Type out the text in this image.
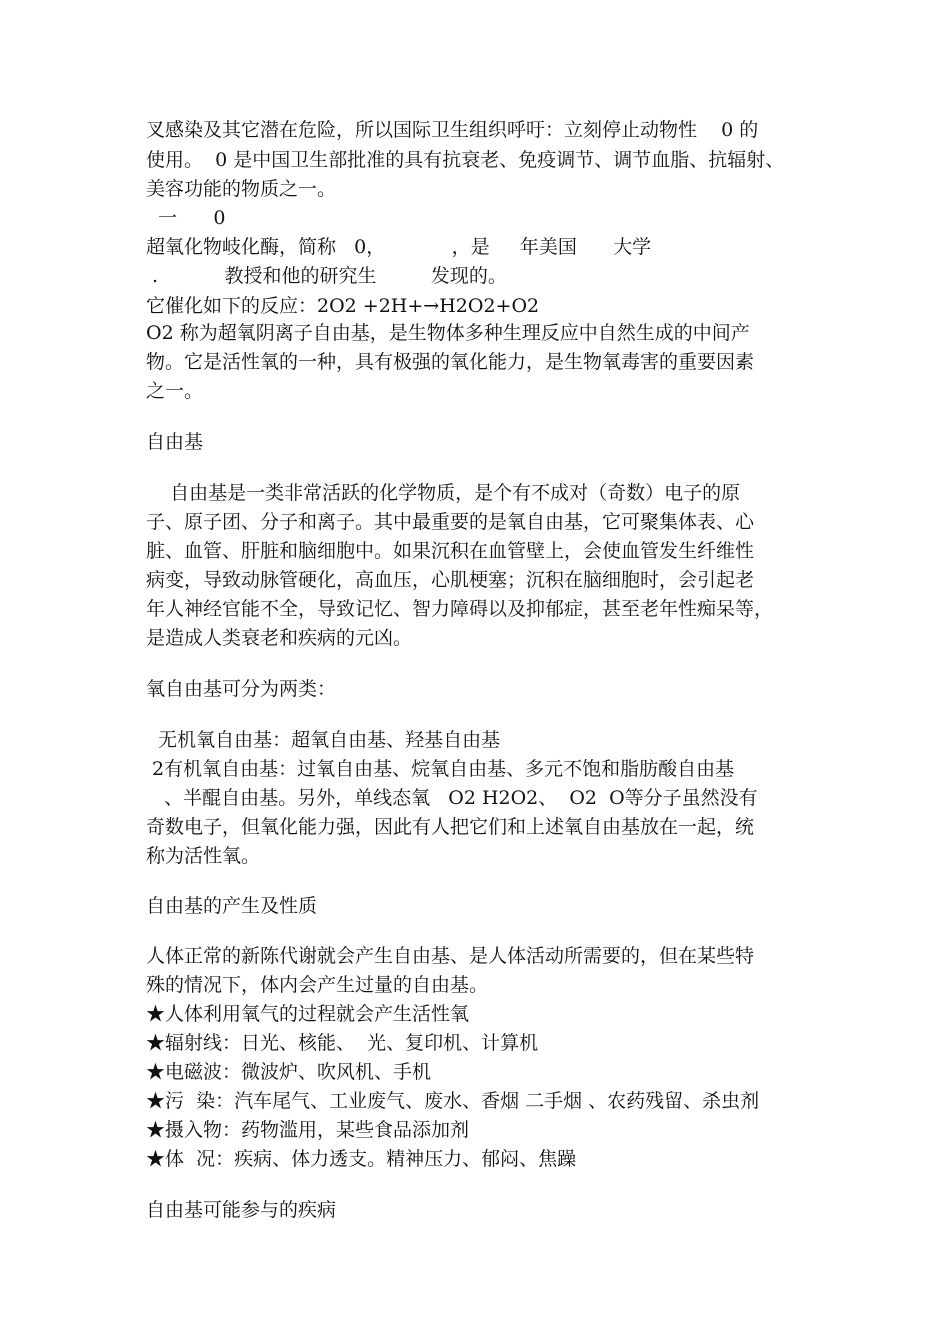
叉感染及其它潜在危险，所以国际卫生组织呼吁：立刻停止动物性    0 的
使用。  0 是中国卫生部批准的具有抗衰老、免疫调节、调节血脂、抗辐射、
美容功能的物质之一。
一      0
超氧化物岐化酶，简称   0，           ，是     年美国      大学
.           教授和他的研究生         发现的。
它催化如下的反应：2O2 +2H+→H2O2+O2
O2 称为超氧阴离子自由基，是生物体多种生理反应中自然生成的中间产
物。它是活性氧的一种，具有极强的氧化能力，是生物氧毒害的重要因素
之一。
自由基
自由基是一类非常活跃的化学物质，是个有不成对（奇数）电子的原
子、原子团、分子和离子。其中最重要的是氧自由基，它可聚集体表、心
脏、血管、肝脏和脑细胞中。如果沉积在血管壁上，会使血管发生纤维性
病变，导致动脉管硬化，高血压，心肌梗塞；沉积在脑细胞时，会引起老
年人神经官能不全，导致记忆、智力障碍以及抑郁症，甚至老年性痴呆等，
是造成人类衰老和疾病的元凶。
氧自由基可分为两类：
无机氧自由基：超氧自由基、羟基自由基
2有机氧自由基：过氧自由基、烷氧自由基、多元不饱和脂肪酸自由基
、半醌自由基。另外，单线态氧   O2 H2O2、  O2  O等分子虽然没有
奇数电子，但氧化能力强，因此有人把它们和上述氧自由基放在一起，统
称为活性氧。
自由基的产生及性质
人体正常的新陈代谢就会产生自由基、是人体活动所需要的，但在某些特
殊的情况下，体内会产生过量的自由基。
★人体利用氧气的过程就会产生活性氧
★辐射线：日光、核能、  光、复印机、计算机
★电磁波：微波炉、吹风机、手机
★污  染：汽车尾气、工业废气、废水、香烟 二手烟 、农药残留、杀虫剂
★摄入物：药物滥用，某些食品添加剂
★体  况：疾病、体力透支。精神压力、郁闷、焦躁
自由基可能参与的疾病
